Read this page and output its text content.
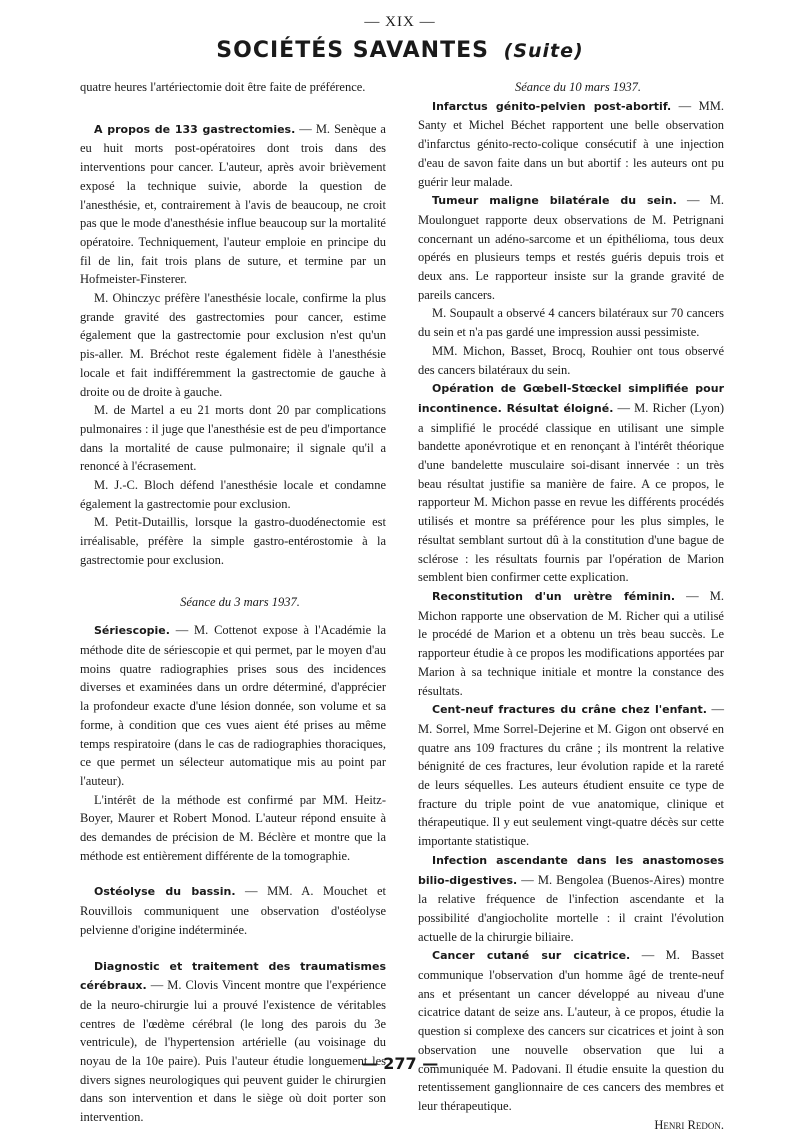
— XIX —
SOCIÉTÉS SAVANTES (Suite)

quatre heures l'artériectomie doit être faite de préférence.

A propos de 133 gastrectomies. — M. Senèque a eu huit morts post-opératoires dont trois dans des interventions pour cancer. L'auteur, après avoir brièvement exposé la technique suivie, aborde la question de l'anesthésie, et, contrairement à l'avis de beaucoup, ne croit pas que le mode d'anesthésie influe beaucoup sur la mortalité opératoire. Techniquement, l'auteur emploie en principe du fil de lin, fait trois plans de suture, et termine par un Hofmeister-Finsterer.

M. Ohinczyc préfère l'anesthésie locale, confirme la plus grande gravité des gastrectomies pour cancer, estime également que la gastrectomie pour exclusion n'est qu'un pis-aller. M. Bréchot reste également fidèle à l'anesthésie locale et fait indifféremment la gastrectomie de gauche à droite ou de droite à gauche.

M. de Martel a eu 21 morts dont 20 par complications pulmonaires : il juge que l'anesthésie est de peu d'importance dans la mortalité de cause pulmonaire; il signale qu'il a renoncé à l'écrasement.

M. J.-C. Bloch défend l'anesthésie locale et condamne également la gastrectomie pour exclusion.

M. Petit-Dutaillis, lorsque la gastro-duodénectomie est irréalisable, préfère la simple gastro-entérostomie à la gastrectomie pour exclusion.

Séance du 3 mars 1937.

Sériescopie. — M. Cottenot expose à l'Académie la méthode dite de sériescopie et qui permet, par le moyen d'au moins quatre radiographies prises sous des incidences diverses et examinées dans un ordre déterminé, d'apprécier la profondeur exacte d'une lésion donnée, son volume et sa forme, à condition que ces vues aient été prises au même temps respiratoire (dans le cas de radiographies thoraciques, ce que permet un sélecteur automatique mis au point par l'auteur).

L'intérêt de la méthode est confirmé par MM. Heitz-Boyer, Maurer et Robert Monod. L'auteur répond ensuite à des demandes de précision de M. Béclère et montre que la méthode est entièrement différente de la tomographie.

Ostéolyse du bassin. — MM. A. Mouchet et Rouvillois communiquent une observation d'ostéolyse pelvienne d'origine indéterminée.

Diagnostic et traitement des traumatismes cérébraux. — M. Clovis Vincent montre que l'expérience de la neuro-chirurgie lui a prouvé l'existence de véritables centres de l'œdème cérébral (le long des parois du 3e ventricule), de l'hypertension artérielle (au voisinage du noyau de la 10e paire). Puis l'auteur étudie longuement les divers signes neurologiques qui peuvent guider le chirurgien dans son intervention et dans le siège où doit porter son intervention.

Séance du 10 mars 1937.

Infarctus génito-pelvien post-abortif. — MM. Santy et Michel Béchet rapportent une belle observation d'infarctus génito-recto-colique consécutif à une injection d'eau de savon faite dans un but abortif : les auteurs ont pu guérir leur malade.

Tumeur maligne bilatérale du sein. — M. Moulonguet rapporte deux observations de M. Petrignani concernant un adéno-sarcome et un épithélioma, tous deux opérés en plusieurs temps et restés guéris depuis trois et deux ans. Le rapporteur insiste sur la grande gravité de pareils cancers.

M. Soupault a observé 4 cancers bilatéraux sur 70 cancers du sein et n'a pas gardé une impression aussi pessimiste.

MM. Michon, Basset, Brocq, Rouhier ont tous observé des cancers bilatéraux du sein.

Opération de Gœbell-Stœckel simplifiée pour incontinence. Résultat éloigné. — M. Richer (Lyon) a simplifié le procédé classique en utilisant une simple bandette aponévrotique et en renonçant à l'intérêt théorique d'une bandelette musculaire soi-disant innervée : un très beau résultat justifie sa manière de faire. A ce propos, le rapporteur M. Michon passe en revue les différents procédés utilisés et montre sa préférence pour les plus simples, le résultat semblant surtout dû à la constitution d'une bague de sclérose : les résultats fournis par l'opération de Marion semblent bien confirmer cette explication.

Reconstitution d'un urètre féminin. — M. Michon rapporte une observation de M. Richer qui a utilisé le procédé de Marion et a obtenu un très beau succès. Le rapporteur étudie à ce propos les modifications apportées par Marion à sa technique initiale et montre la constance des résultats.

Cent-neuf fractures du crâne chez l'enfant. — M. Sorrel, Mme Sorrel-Dejerine et M. Gigon ont observé en quatre ans 109 fractures du crâne ; ils montrent la relative bénignité de ces fractures, leur évolution rapide et la rareté de leurs séquelles. Les auteurs étudient ensuite ce type de fracture du triple point de vue anatomique, clinique et thérapeutique. Il y eut seulement vingt-quatre décès sur cette importante statistique.

Infection ascendante dans les anastomoses bilio-digestives. — M. Bengolea (Buenos-Aires) montre la relative fréquence de l'infection ascendante et la possibilité d'angiocholite mortelle : il craint l'évolution actuelle de la chirurgie biliaire.

Cancer cutané sur cicatrice. — M. Basset communique l'observation d'un homme âgé de trente-neuf ans et présentant un cancer développé au niveau d'une cicatrice datant de seize ans. L'auteur, à ce propos, étudie la question si complexe des cancers sur cicatrices et joint à son observation une nouvelle observation que lui a communiquée M. Padovani. Il étudie ensuite la question du retentissement ganglionnaire de ces cancers des membres et leur thérapeutique.

Henri Redon.

— 277 —
